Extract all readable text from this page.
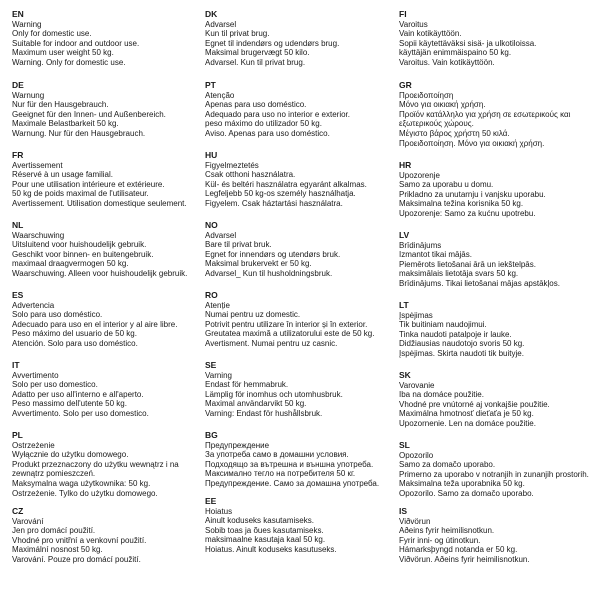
EN
Warning
Only for domestic use.
Suitable for indoor and outdoor use.
Maximum user weight 50 kg.
Warning. Only for domestic use.
DE
Warnung
Nur für den Hausgebrauch.
Geeignet für den Innen- und Außenbereich.
Maximale Belastbarkeit 50 kg.
Warnung. Nur für den Hausgebrauch.
FR
Avertissement
Réservé à un usage familial.
Pour une utilisation intérieure et extérieure.
50 kg de poids maximal de l'utilisateur.
Avertissement. Utilisation domestique seulement.
NL
Waarschuwing
Uitsluitend voor huishoudelijk gebruik.
Geschikt voor binnen- en buitengebruik.
maximaal draagvermogen 50 kg.
Waarschuwing. Alleen voor huishoudelijk gebruik.
ES
Advertencia
Solo para uso doméstico.
Adecuado para uso en el interior y al aire libre.
Peso máximo del usuario de 50 kg.
Atención. Solo para uso doméstico.
IT
Avvertimento
Solo per uso domestico.
Adatto per uso all'interno e all'aperto.
Peso massimo dell'utente 50 kg.
Avvertimento. Solo per uso domestico.
PL
Ostrzeżenie
Wyłącznie do użytku domowego.
Produkt przeznaczony do użytku wewnątrz i na zewnątrz pomieszczeń.
Maksymalna waga użytkownika: 50 kg.
Ostrzeżenie. Tylko do użytku domowego.
CZ
Varování
Jen pro domácí použití.
Vhodné pro vnitřní a venkovní použití.
Maximální nosnost 50 kg.
Varování. Pouze pro domácí použití.
DK
Advarsel
Kun til privat brug.
Egnet til indendørs og udendørs brug.
Maksimal brugervægt 50 kilo.
Advarsel. Kun til privat brug.
PT
Atenção
Apenas para uso doméstico.
Adequado para uso no interior e exterior.
peso máximo do utilizador 50 kg.
Aviso. Apenas para uso doméstico.
HU
Figyelmeztetés
Csak otthoni használatra.
Kül- és beltéri használatra egyaránt alkalmas.
Legfeljebb 50 kg-os személy használhatja.
Figyelem. Csak háztartási használatra.
NO
Advarsel
Bare til privat bruk.
Egnet for innendørs og utendørs bruk.
Maksimal brukervekt er 50 kg.
Advarsel_ Kun til husholdningsbruk.
RO
Atenție
Numai pentru uz domestic.
Potrivit pentru utilizare în interior și în exterior.
Greutatea maximă a utilizatorului este de 50 kg.
Avertisment. Numai pentru uz casnic.
SE
Varning
Endast för hemmabruk.
Lämplig för inomhus och utomhusbruk.
Maximal användarvikt 50 kg.
Varning: Endast för hushållsbruk.
BG
Предупреждение
За употреба само в домашни условия.
Подходящо за вътрешна и външна употреба.
Максимално тегло на потребителя 50 кг.
Предупреждение. Само за домашна употреба.
EE
Hoiatus
Ainult koduseks kasutamiseks.
Sobib toas ja õues kasutamiseks.
maksimaalne kasutaja kaal 50 kg.
Hoiatus. Ainult koduseks kasutuseks.
FI
Varoitus
Vain kotikäyttöön.
Sopii käytettäväksi sisä- ja ulkotiloissa.
käyttäjän enimmäispaino 50 kg.
Varoitus. Vain kotikäyttöön.
GR
Προειδοποίηση
Μόνο για οικιακή χρήση.
Προϊόν κατάλληλο για χρήση σε εσωτερικούς και εξωτερικούς χώρους.
Μέγιστο βάρος χρήστη 50 κιλά.
Προειδοποίηση. Μόνο για οικιακή χρήση.
HR
Upozorenje
Samo za uporabu u domu.
Prikladno za unutarnju i vanjsku uporabu.
Maksimalna težina korisnika 50 kg.
Upozorenje: Samo za kućnu upotrebu.
LV
Brīdinājums
Izmantot tikai mājās.
Piemērots lietošanai ārā un iekštelpās.
maksimālais lietotāja svars 50 kg.
Brīdinājums. Tikai lietošanai mājas apstākļos.
LT
Įspėjimas
Tik buitiniam naudojimui.
Tinka naudoti patalpoje ir lauke.
Didžiausias naudotojo svoris 50 kg.
Įspėjimas. Skirta naudoti tik buityje.
SK
Varovanie
Iba na domáce použitie.
Vhodné pre vnútorné aj vonkajšie použitie.
Maximálna hmotnosť dieťaťa je 50 kg.
Upozornenie. Len na domáce použitie.
SL
Opozorilo
Samo za domačo uporabo.
Primerno za uporabo v notranjih in zunanjih prostorih.
Maksimalna teža uporabnika 50 kg.
Opozorilo. Samo za domačo uporabo.
IS
Viðvörun
Aðeins fyrir heimilisnotkun.
Fyrir inni- og útinotkun.
Hámarksþyngd notanda er 50 kg.
Viðvörun. Aðeins fyrir heimilisnotkun.
